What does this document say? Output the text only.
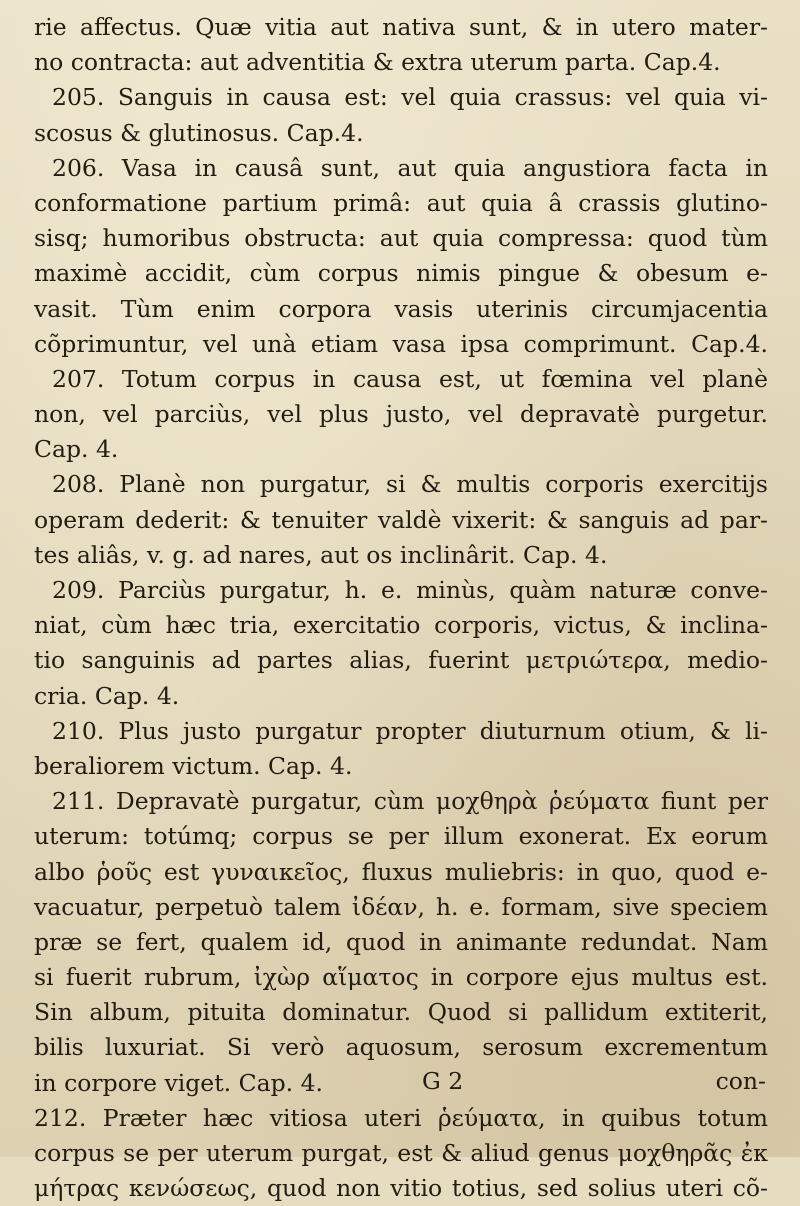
rie affectus. Quæ vitia aut nativa sunt, & in utero mater-
no contracta: aut adventitia & extra uterum parta. Cap.4.
205. Sanguis in causa est: vel quia crassus: vel quia vi-
scosus & glutinosus. Cap.4.
206. Vasa in causâ sunt, aut quia angustiora facta in
conformatione partium primâ: aut quia â crassis glutino-
sisq; humoribus obstructa: aut quia compressa: quod tùm
maximè accidit, cùm corpus nimis pingue & obesum e-
vasit. Tùm enim corpora vasis uterinis circumjacentia
cõprimuntur, vel unà etiam vasa ipsa comprimunt. Cap.4.
207. Totum corpus in causa est, ut fœmina vel planè
non, vel parciùs, vel plus justo, vel depravatè purgetur.
Cap. 4.
208. Planè non purgatur, si & multis corporis exercitijs
operam dederit: & tenuiter valdè vixerit: & sanguis ad par-
tes aliâs, v. g. ad nares, aut os inclinârit. Cap. 4.
209. Parciùs purgatur, h. e. minùs, quàm naturæ conve-
niat, cùm hæc tria, exercitatio corporis, victus, & inclina-
tio sanguinis ad partes alias, fuerint μετριώτερα, medio-
cria. Cap. 4.
210. Plus justo purgatur propter diuturnum otium, & li-
beraliorem victum. Cap. 4.
211. Depravatè purgatur, cùm μοχθηρὰ ῥεύματα fiunt per
uterum: totúmq; corpus se per illum exonerat. Ex eorum
albo ῥοῦς est γυναικεῖος, fluxus muliebris: in quo, quod e-
vacuatur, perpetuò talem ἰδέαν, h. e. formam, sive speciem
præ se fert, qualem id, quod in animante redundat. Nam
si fuerit rubrum, ἰχὼρ αἵματος in corpore ejus multus est.
Sin album, pituita dominatur. Quod si pallidum extiterit,
bilis luxuriat. Si verò aquosum, serosum excrementum
in corpore viget. Cap. 4.
212. Præter hæc vitiosa uteri ῥεύματα, in quibus totum
corpus se per uterum purgat, est & aliud genus μοχθηρᾶς ἐκ
μήτρας κενώσεως, quod non vitio totius, sed solius uteri cõ-
G 2	con-
